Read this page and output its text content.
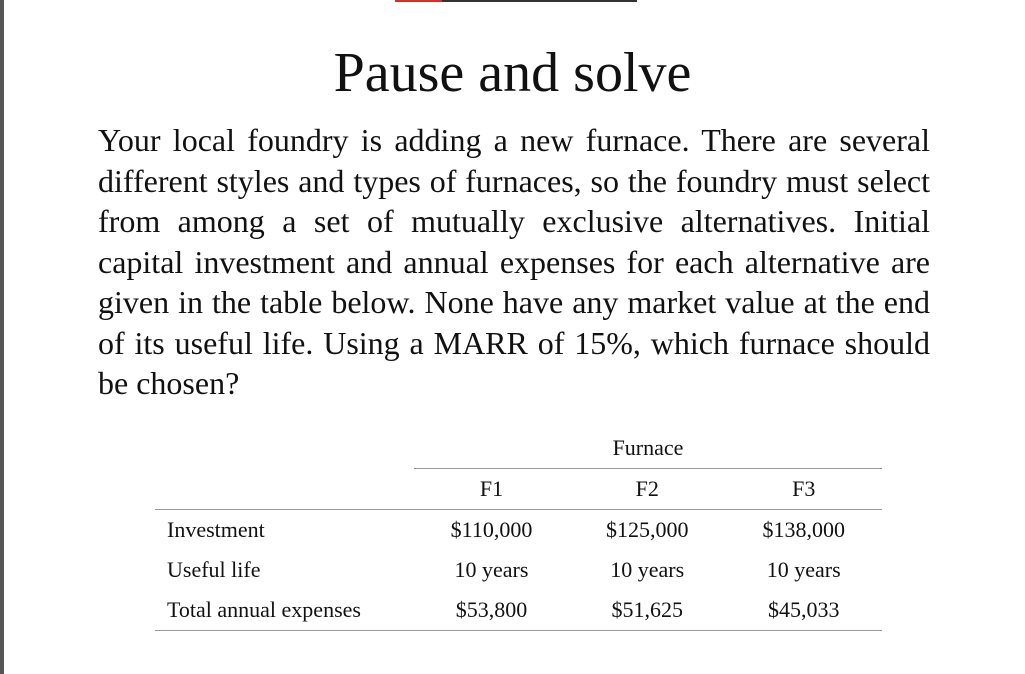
Pause and solve

Your local foundry is adding a new furnace. There are several different styles and types of furnaces, so the foundry must select from among a set of mutually exclusive alternatives. Initial capital investment and annual expenses for each alternative are given in the table below. None have any market value at the end of its useful life. Using a MARR of 15%, which furnace should be chosen?

	Furnace		
	F1	F2	F3
Investment	$110,000	$125,000	$138,000
Useful life	10 years	10 years	10 years
Total annual expenses	$53,800	$51,625	$45,033
